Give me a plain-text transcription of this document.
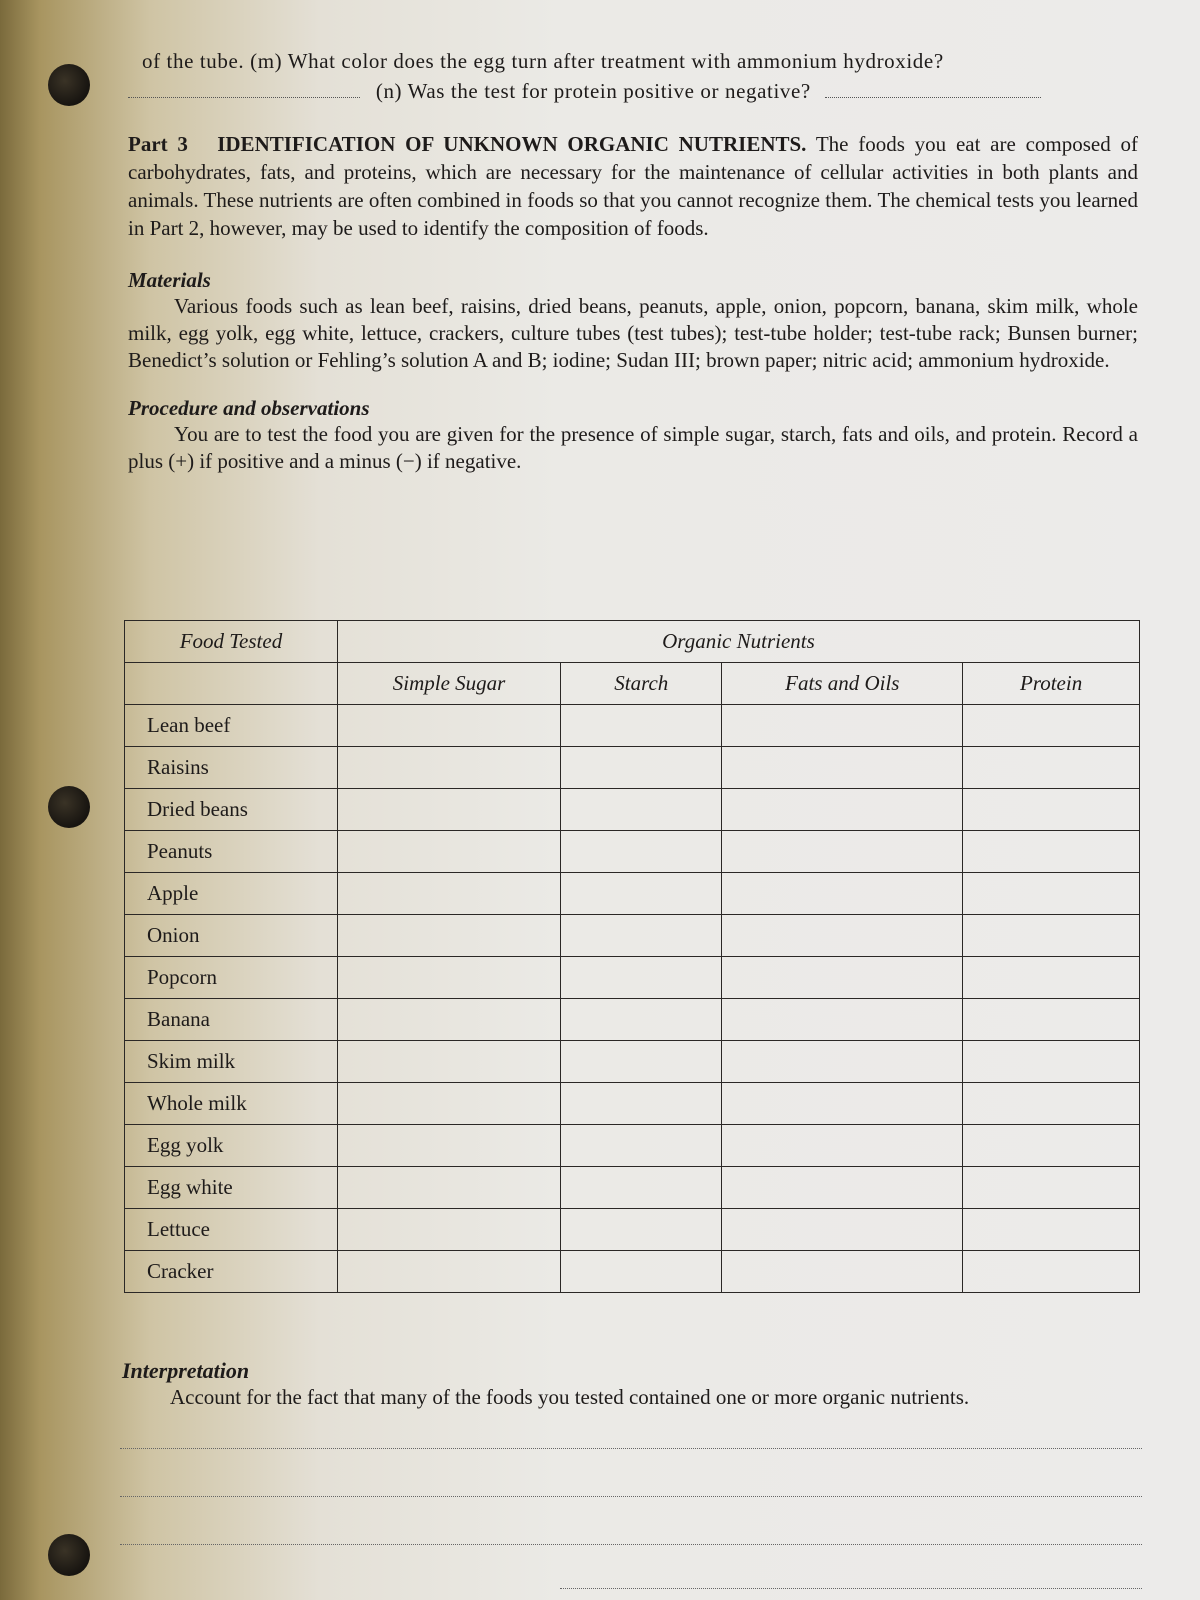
of the tube. (m) What color does the egg turn after treatment with ammonium hydroxide?

(n) Was the test for protein positive or negative?

Part 3 IDENTIFICATION OF UNKNOWN ORGANIC NUTRIENTS. The foods you eat are composed of carbohydrates, fats, and proteins, which are necessary for the maintenance of cellular activities in both plants and animals. These nutrients are often combined in foods so that you cannot recognize them. The chemical tests you learned in Part 2, however, may be used to identify the composition of foods.

Materials

Various foods such as lean beef, raisins, dried beans, peanuts, apple, onion, popcorn, banana, skim milk, whole milk, egg yolk, egg white, lettuce, crackers, culture tubes (test tubes); test-tube holder; test-tube rack; Bunsen burner; Benedict’s solution or Fehling’s solution A and B; iodine; Sudan III; brown paper; nitric acid; ammonium hydroxide.

Procedure and observations

You are to test the food you are given for the presence of simple sugar, starch, fats and oils, and protein. Record a plus (+) if positive and a minus (−) if negative.

Food Tested	Organic Nutrients			
	Simple Sugar	Starch	Fats and Oils	Protein
Lean beef				
Raisins				
Dried beans				
Peanuts				
Apple				
Onion				
Popcorn				
Banana				
Skim milk				
Whole milk				
Egg yolk				
Egg white				
Lettuce				
Cracker				
Interpretation
Account for the fact that many of the foods you tested contained one or more organic nutrients.
